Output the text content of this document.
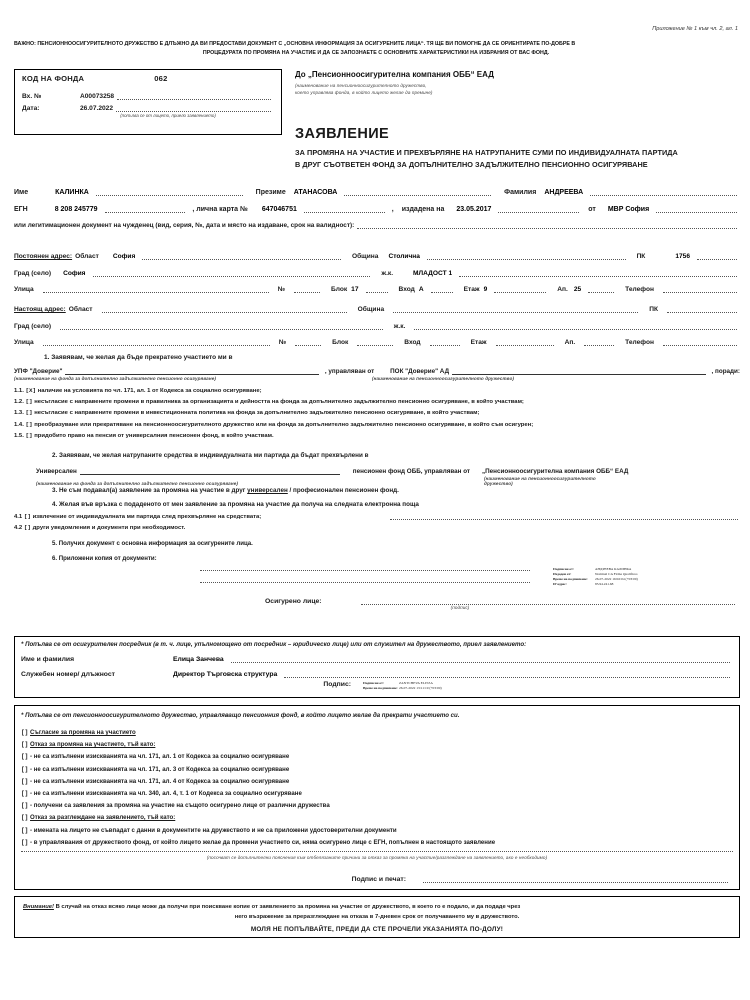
Приложение № 1 към чл. 2, ал. 1
ВАЖНО: ПЕНСИОННООСИГУРИТЕЛНОТО ДРУЖЕСТВО Е ДЛЪЖНО ДА ВИ ПРЕДОСТАВИ ДОКУМЕНТ С „ОСНОВНА ИНФОРМАЦИЯ ЗА ОСИГУРЕНИТЕ ЛИЦА“. ТЯ ЩЕ ВИ ПОМОГНЕ ДА СЕ ОРИЕНТИРАТЕ ПО-ДОБРЕ В
ПРОЦЕДУРАТА ПО ПРОМЯНА НА УЧАСТИЕ И ДА СЕ ЗАПОЗНАЕТЕ С ОСНОВНИТЕ ХАРАКТЕРИСТИКИ НА ИЗБРАНИЯ ОТ ВАС ФОНД.
КОД НА ФОНДА	062
Вх. №	A00073258
Дата:	26.07.2022
(попълва се от лицето, приело заявлението)
До „Пенсионноосигурителна компания ОББ“ ЕАД
(наименование на пенсионноосигурителното дружество,
което управлява фонда, в който лицето желае да премине)
ЗАЯВЛЕНИЕ
ЗА ПРОМЯНА НА УЧАСТИЕ И ПРЕХВЪРЛЯНЕ НА НАТРУПАНИТЕ СУМИ ПО ИНДИВИДУАЛНАТА ПАРТИДА
В ДРУГ СЪОТВЕТЕН ФОНД ЗА ДОПЪЛНИТЕЛНО ЗАДЪЛЖИТЕЛНО ПЕНСИОННО ОСИГУРЯВАНЕ
Име	КАЛИНКА	Презиме	АТАНАСОВА	Фамилия	АНДРЕЕВА
ЕГН	8 208 245779	, лична карта №	647046751	,	издадена на	23.05.2017	от	МВР София
или легитимационен документ на чужденец (вид, серия, №, дата и място на издаване, срок на валидност):
Постоянен адрес: Област	София	Община	Столична	ПК	1756
Град (село)	София	ж.к.	МЛАДОСТ 1
Улица	№	Блок 17	Вход А	Етаж 9	Ап. 25	Телефон
Настоящ адрес: Област	Община	ПК
Град (село)	ж.к.
Улица	№	Блок	Вход	Етаж	Ап.	Телефон
1. Заявявам, че желая да бъде прекратено участието ми в
УПФ "Доверие"	, управляван от	ПОК "Доверие" АД	, поради:
(наименование на фонда за допълнително задължително пенсионно осигуряване)	(наименование на пенсионноосигурителното дружество)
1.1. [X] наличие на условията по чл. 171, ал. 1 от Кодекса за социално осигуряване;
1.2. [] несъгласие с направените промени в правилника за организацията и дейността на фонда за допълнително задължително пенсионно осигуряване, в който участвам;
1.3. [] несъгласие с направените промени в инвестиционната политика на фонда за допълнително задължително пенсионно осигуряване, в който участвам;
1.4. [] преобразуване или прекратяване на пенсионноосигурителното дружество или на фонда за допълнително задължително пенсионно осигуряване, в който съм осигурен;
1.5. [] придобито право на пенсия от универсалния пенсионен фонд, в който участвам.
2. Заявявам, че желая натрупаните средства в индивидуалната ми партида да бъдат прехвърлени в
Универсален	пенсионен фонд ОББ, управляван от „Пенсионноосигурителна компания ОББ“ ЕАД
(наименование на фонда за допълнително задължително пенсионно осигуряване)
(наименование на пенсионноосигурителното дружество)
3. Не съм подавал(а) заявление за промяна на участие в друг универсален / професионален пенсионен фонд.
4. Желая във връзка с подаденото от мен заявление за промяна на участие да получа на следната електронна поща
4.1 [] извлечение от индивидуалната ми партида след прехвърляне на средствата;
4.2 [] други уведомления и документи при необходимост.
5. Получих документ с основна информация за осигурените лица.
6. Приложени копия от документи:
Подписан от:	АНДРЕЕВА КАЛИНКА
Издаден от:	Nominal CA Firma Qualificos
Време на подписване:	26-07-2022 16:02:04 (+03:00)
IP адрес:	85.94.241.68
Осигурено лице:
(подпис)
* Попълва се от осигурителен посредник (в т. ч. лице, упълномощено от посредник – юридическо лице) или от служител на дружеството, приел заявлението:
Име и фамилия	Елица Занчева
Служебен номер/ длъжност	Директор Търговска структура
Подпис:	Подписан от:	ZANTCHEVA ELITZA
Време на подписване: 26-07-2022 13:11:19 (+03:00)
* Попълва се от пенсионноосигурителното дружество, управляващо пенсионния фонд, в който лицето желае да прекрати участието си.
[] Съгласие за промяна на участието
[] Отказ за промяна на участието, тъй като:
[] - не са изпълнени изискванията на чл. 171, ал. 1 от Кодекса за социално осигуряване
[] - не са изпълнени изискванията на чл. 171, ал. 3 от Кодекса за социално осигуряване
[] - не са изпълнени изискванията на чл. 171, ал. 4 от Кодекса за социално осигуряване
[] - не са изпълнени изискванията на чл. 340, ал. 4, т. 1 от Кодекса за социално осигуряване
[] - получени са заявления за промяна на участие на същото осигурено лице от различни дружества
[] Отказ за разглеждане на заявлението, тъй като:
[] - имената на лицето не съвпадат с данни в документите на дружеството и не са приложени удостоверителни документи
[] - в управлявания от дружеството фонд, от който лицето желае да промени участието си, няма осигурено лице с ЕГН, попълнен в настоящото заявление
(посочват се допълнителни пояснения към отбелязаните причини за отказ за промяна на участие/разглеждане на заявлението, ако е необходимо)
Подпис и печат:
Внимание! В случай на отказ всяко лице може да получи при поискване копие от заявлението за промяна на участие от дружеството, в което го е подало, и да подаде чрез
него възражение за преразглеждане на отказа в 7-дневен срок от получаването му в дружеството.
МОЛЯ НЕ ПОПЪЛВАЙТЕ, ПРЕДИ ДА СТЕ ПРОЧЕЛИ УКАЗАНИЯТА ПО-ДОЛУ!
